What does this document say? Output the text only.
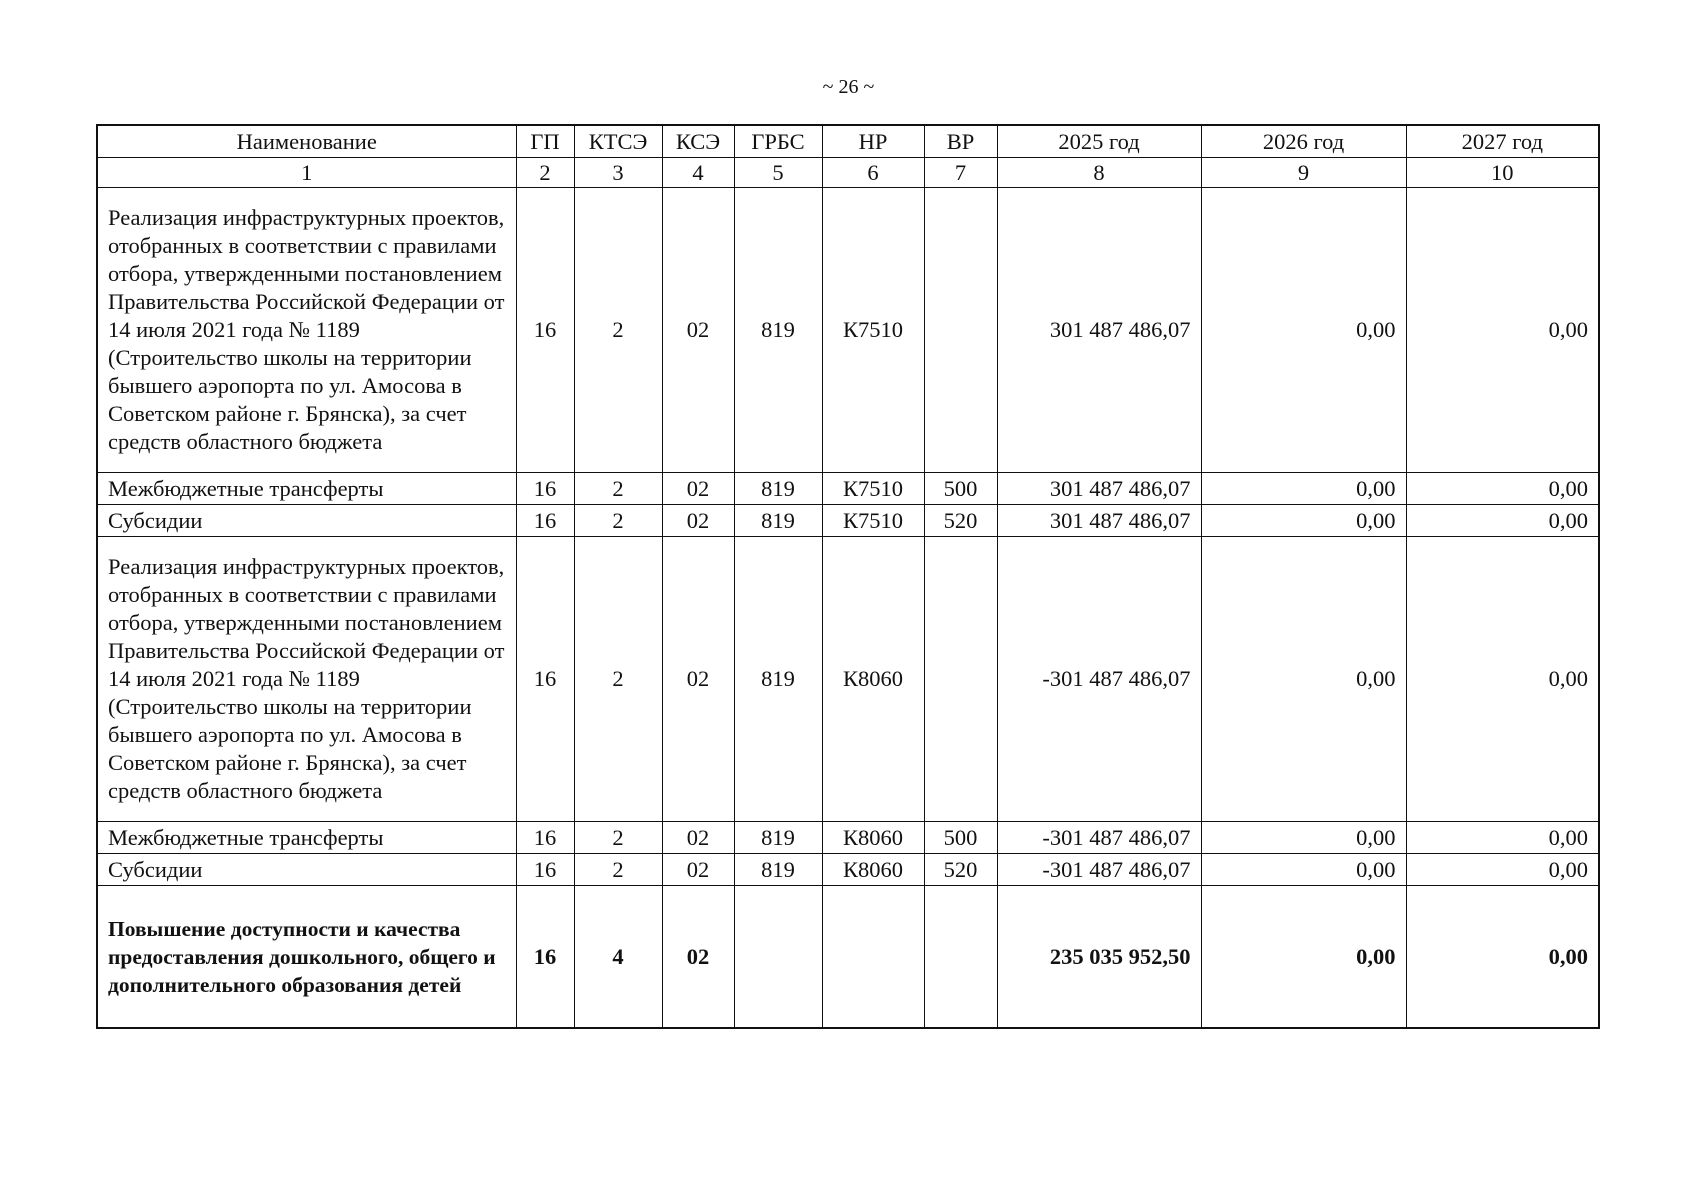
~ 26 ~
Наименование	ГП	КТСЭ	КСЭ	ГРБС	НР	ВР	2025 год	2026 год	2027 год
1	2	3	4	5	6	7	8	9	10
Реализация инфраструктурных проектов, отобранных в соответствии с правилами отбора, утвержденными постановлением Правительства Российской Федерации от 14 июля 2021 года № 1189 (Строительство школы на территории бывшего аэропорта по ул. Амосова в Советском районе г. Брянска), за счет средств областного бюджета	16	2	02	819	К7510		301 487 486,07	0,00	0,00
Межбюджетные трансферты	16	2	02	819	К7510	500	301 487 486,07	0,00	0,00
Субсидии	16	2	02	819	К7510	520	301 487 486,07	0,00	0,00
Реализация инфраструктурных проектов, отобранных в соответствии с правилами отбора, утвержденными постановлением Правительства Российской Федерации от 14 июля 2021 года № 1189 (Строительство школы на территории бывшего аэропорта по ул. Амосова в Советском районе г. Брянска), за счет средств областного бюджета	16	2	02	819	К8060		-301 487 486,07	0,00	0,00
Межбюджетные трансферты	16	2	02	819	К8060	500	-301 487 486,07	0,00	0,00
Субсидии	16	2	02	819	К8060	520	-301 487 486,07	0,00	0,00
Повышение доступности и качества предоставления дошкольного, общего и дополнительного образования детей	16	4	02				235 035 952,50	0,00	0,00
